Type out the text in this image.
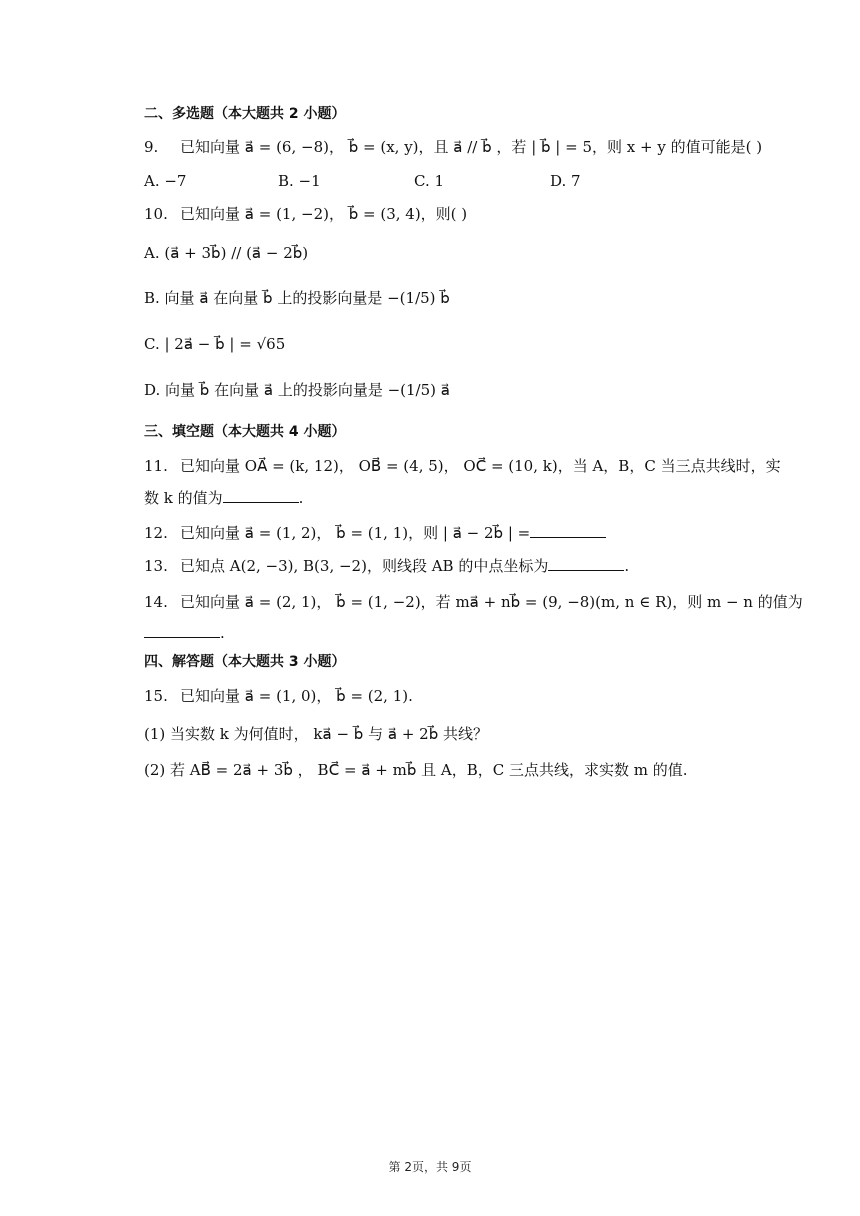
二、多选题（本大题共 2 小题）
9. 已知向量 a⃗ = (6, −8)， b⃗ = (x, y)，且 a⃗ // b⃗ ，若 | b⃗ | = 5，则 x + y 的值可能是( )
A. −7	B. −1	C. 1	D. 7
10. 已知向量 a⃗ = (1, −2)， b⃗ = (3, 4)，则( )
A. (a⃗ + 3b⃗) // (a⃗ − 2b⃗)
B. 向量 a⃗ 在向量 b⃗ 上的投影向量是 −(1/5) b⃗
C. | 2a⃗ − b⃗ | = √65
D. 向量 b⃗ 在向量 a⃗ 上的投影向量是 −(1/5) a⃗
三、填空题（本大题共 4 小题）
11. 已知向量 OA⃗ = (k, 12)， OB⃗ = (4, 5)， OC⃗ = (10, k)，当 A，B，C 当三点共线时，实
数 k 的值为	.
12. 已知向量 a⃗ = (1, 2)， b⃗ = (1, 1)，则 | a⃗ − 2b⃗ | =
13. 已知点 A(2, −3), B(3, −2)，则线段 AB 的中点坐标为	.
14. 已知向量 a⃗ = (2, 1)， b⃗ = (1, −2)，若 ma⃗ + nb⃗ = (9, −8)(m, n ∈ R)，则 m − n 的值为
.
四、解答题（本大题共 3 小题）
15. 已知向量 a⃗ = (1, 0)， b⃗ = (2, 1).
(1) 当实数 k 为何值时， ka⃗ − b⃗ 与 a⃗ + 2b⃗ 共线？
(2) 若 AB⃗ = 2a⃗ + 3b⃗ ， BC⃗ = a⃗ + mb⃗ 且 A，B，C 三点共线，求实数 m 的值.
第 2页，共 9页
